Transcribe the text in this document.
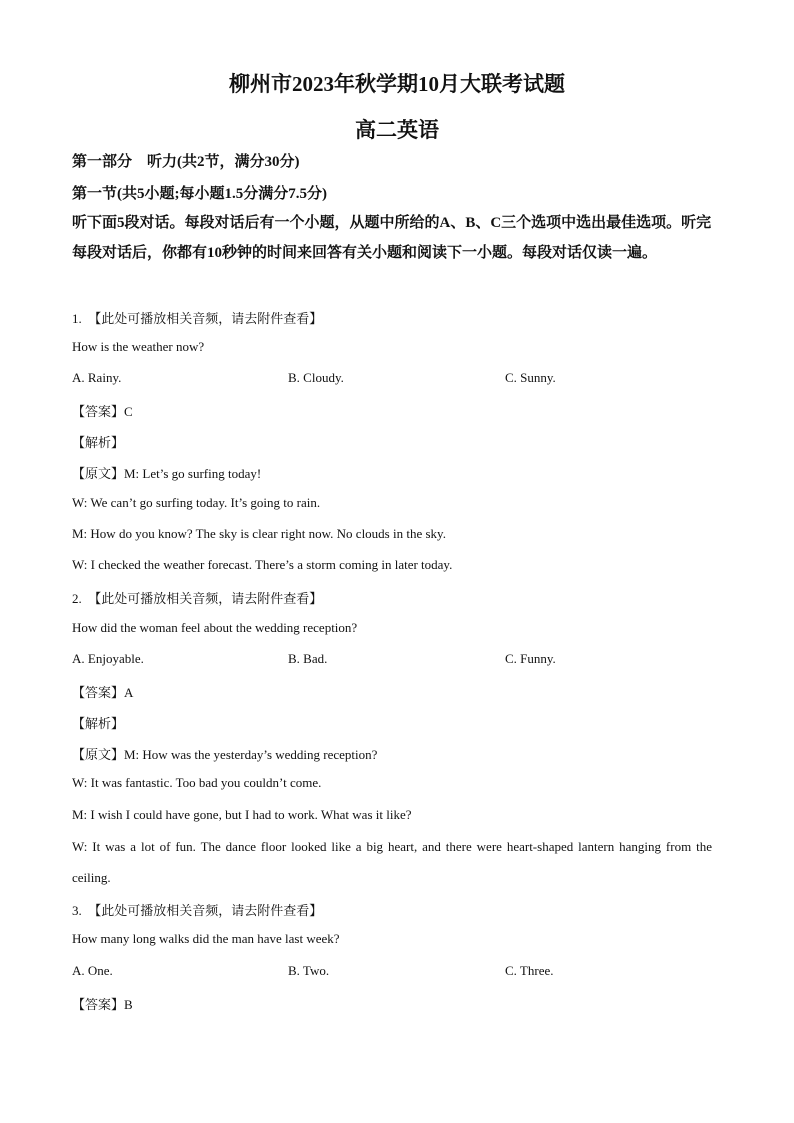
柳州市2023年秋学期10月大联考试题
高二英语
第一部分　听力(共2节，满分30分)
第一节(共5小题;每小题1.5分满分7.5分)
听下面5段对话。每段对话后有一个小题，从题中所给的A、B、C三个选项中选出最佳选项。听完每段对话后，你都有10秒钟的时间来回答有关小题和阅读下一小题。每段对话仅读一遍。
1.　【此处可播放相关音频，请去附件查看】
How is the weather now?
A. Rainy.	B. Cloudy.	C. Sunny.
【答案】C
【解析】
【原文】M: Let’s go surfing today!
W: We can’t go surfing today. It’s going to rain.
M: How do you know? The sky is clear right now. No clouds in the sky.
W: I checked the weather forecast. There’s a storm coming in later today.
2.　【此处可播放相关音频，请去附件查看】
How did the woman feel about the wedding reception?
A. Enjoyable.	B. Bad.	C. Funny.
【答案】A
【解析】
【原文】M: How was the yesterday’s wedding reception?
W: It was fantastic. Too bad you couldn’t come.
M: I wish I could have gone, but I had to work. What was it like?
W: It was a lot of fun. The dance floor looked like a big heart, and there were heart-shaped lantern hanging from the ceiling.
3.　【此处可播放相关音频，请去附件查看】
How many long walks did the man have last week?
A. One.	B. Two.	C. Three.
【答案】B
